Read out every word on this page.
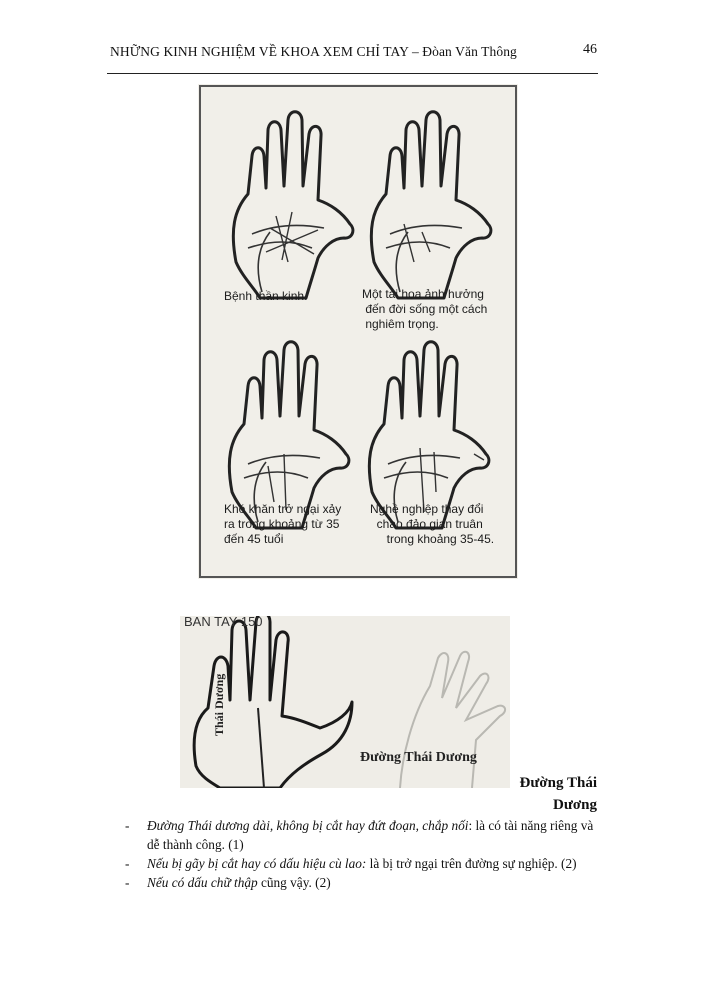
NHỮNG KINH NGHIỆM VỀ KHOA XEM CHỈ TAY – Đòan Văn Thông	46
Bệnh thần kinh.	Một tai họa ảnh hưởng
đến đời sống một cách
nghiêm trọng.
Khó khăn trở ngại xảy
ra trong khoảng từ 35
đến 45 tuổi
Nghề nghiệp thay đổi
chao đảo gian truân
trong khoảng 35-45.
BAN TAY 150
Thái Dương
Đường Thái Dương
Đường Thái
Dương

- Đường Thái dương dài, không bị cắt hay đứt đoạn, chắp nối: là có tài năng riêng và dễ thành công. (1)

- Nếu bị gãy bị cắt hay có dấu hiệu cù lao: là bị trở ngại trên đường sự nghiệp. (2)

- Nếu có dấu chữ thập cũng vậy. (2)
